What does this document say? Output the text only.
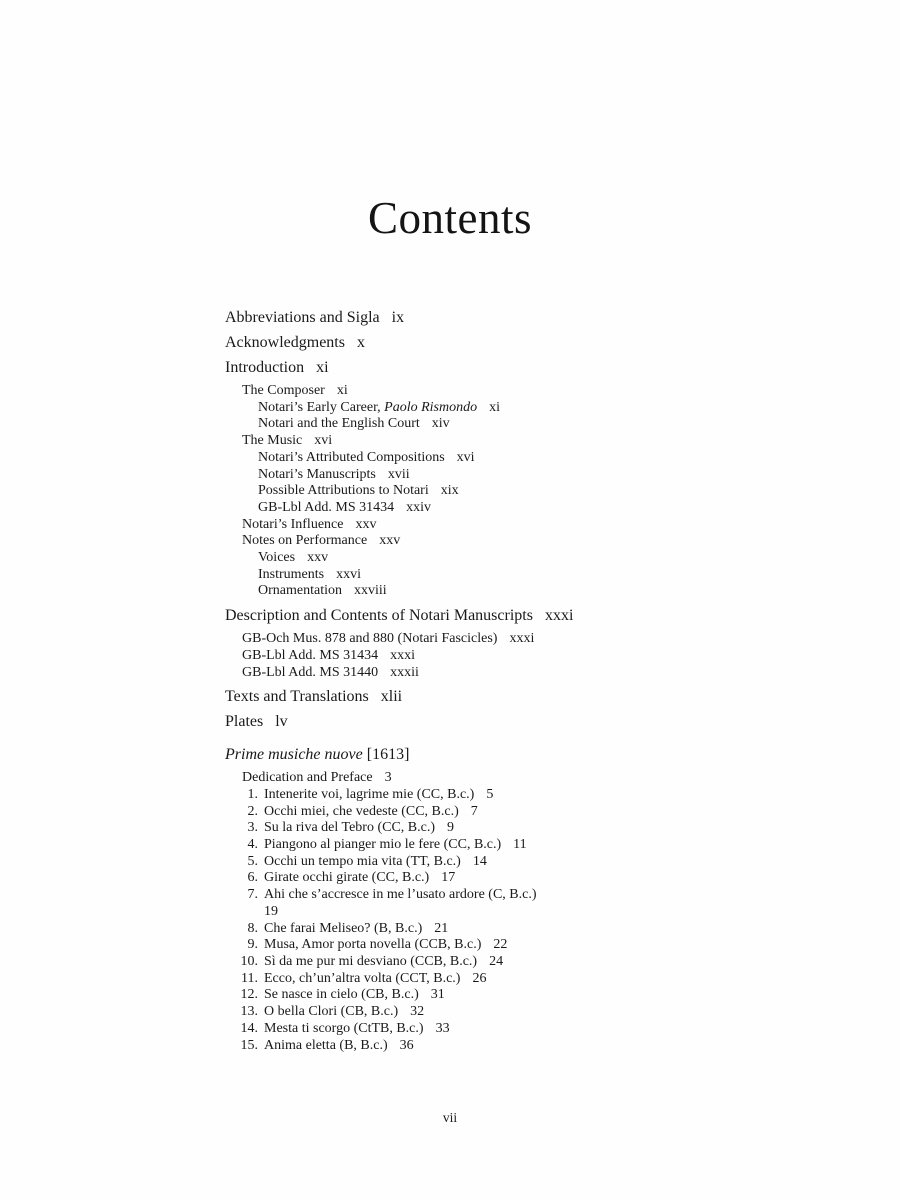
Contents
Abbreviations and Sigla ix
Acknowledgments x
Introduction xi
The Composer xi
Notari’s Early Career, Paolo Rismondo xi
Notari and the English Court xiv
The Music xvi
Notari’s Attributed Compositions xvi
Notari’s Manuscripts xvii
Possible Attributions to Notari xix
GB-Lbl Add. MS 31434 xxiv
Notari’s Influence xxv
Notes on Performance xxv
Voices xxv
Instruments xxvi
Ornamentation xxviii
Description and Contents of Notari Manuscripts xxxi
GB-Och Mus. 878 and 880 (Notari Fascicles) xxxi
GB-Lbl Add. MS 31434 xxxi
GB-Lbl Add. MS 31440 xxxii
Texts and Translations xlii
Plates lv
Prime musiche nuove [1613]
Dedication and Preface 3
1. Intenerite voi, lagrime mie (CC, B.c.) 5
2. Occhi miei, che vedeste (CC, B.c.) 7
3. Su la riva del Tebro (CC, B.c.) 9
4. Piangono al pianger mio le fere (CC, B.c.) 11
5. Occhi un tempo mia vita (TT, B.c.) 14
6. Girate occhi girate (CC, B.c.) 17
7. Ahi che s’accresce in me l’usato ardore (C, B.c.)
19
8. Che farai Meliseo? (B, B.c.) 21
9. Musa, Amor porta novella (CCB, B.c.) 22
10. Sì da me pur mi desviano (CCB, B.c.) 24
11. Ecco, ch’un’altra volta (CCT, B.c.) 26
12. Se nasce in cielo (CB, B.c.) 31
13. O bella Clori (CB, B.c.) 32
14. Mesta ti scorgo (CtTB, B.c.) 33
15. Anima eletta (B, B.c.) 36
vii
